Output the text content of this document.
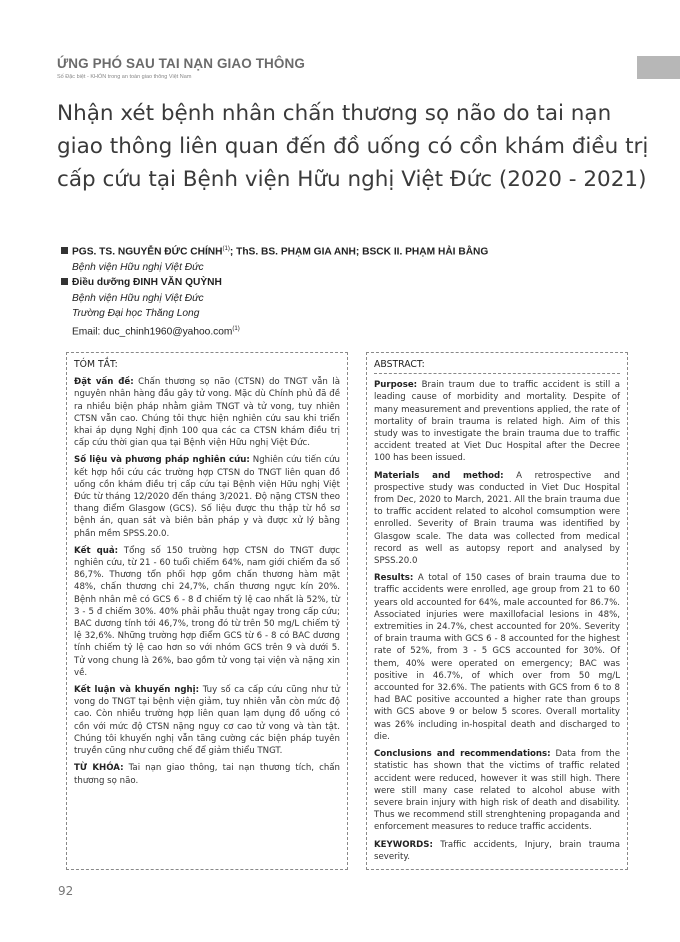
ỨNG PHÓ SAU TAI NẠN GIAO THÔNG
Số Đặc biệt - KHÓN trong an toàn giao thông Việt Nam
Nhận xét bệnh nhân chấn thương sọ não do tai nạn giao thông liên quan đến đồ uống có cồn khám điều trị cấp cứu tại Bệnh viện Hữu nghị Việt Đức (2020 - 2021)
PGS. TS. NGUYỄN ĐỨC CHÍNH$^{(1)}$; ThS. BS. PHẠM GIA ANH; BSCK II. PHẠM HẢI BẰNG
Bệnh viện Hữu nghị Việt Đức
Điều dưỡng ĐINH VĂN QUỲNH
Bệnh viện Hữu nghị Việt Đức
Trường Đại học Thăng Long
Email: duc_chinh1960@yahoo.com$^{(1)}$
TÓM TẮT:

Đặt vấn đề: Chấn thương sọ não (CTSN) do TNGT vẫn là nguyên nhân hàng đầu gây tử vong. Mặc dù Chính phủ đã đề ra nhiều biện pháp nhằm giảm TNGT và tử vong, tuy nhiên CTSN vẫn cao. Chúng tôi thực hiện nghiên cứu sau khi triển khai áp dụng Nghị định 100 qua các ca CTSN khám điều trị cấp cứu thời gian qua tại Bệnh viện Hữu nghị Việt Đức.

Số liệu và phương pháp nghiên cứu: Nghiên cứu tiến cứu kết hợp hồi cứu các trường hợp CTSN do TNGT liên quan đồ uống cồn khám điều trị cấp cứu tại Bệnh viện Hữu nghị Việt Đức từ tháng 12/2020 đến tháng 3/2021. Độ nặng CTSN theo thang điểm Glasgow (GCS). Số liệu được thu thập từ hồ sơ bệnh án, quan sát và biên bản pháp y và được xử lý bằng phần mềm SPSS.20.0.

Kết quả: Tổng số 150 trường hợp CTSN do TNGT được nghiên cứu, từ 21 - 60 tuổi chiếm 64%, nam giới chiếm đa số 86,7%. Thương tổn phối hợp gồm chấn thương hàm mặt 48%, chấn thương chi 24,7%, chấn thương ngực kín 20%. Bệnh nhân mê có GCS 6 - 8 đ chiếm tỷ lệ cao nhất là 52%, từ 3 - 5 đ chiếm 30%. 40% phải phẫu thuật ngay trong cấp cứu; BAC dương tính tới 46,7%, trong đó từ trên 50 mg/L chiếm tỷ lệ 32,6%. Những trường hợp điểm GCS từ 6 - 8 có BAC dương tính chiếm tỷ lệ cao hơn so với nhóm GCS trên 9 và dưới 5. Tử vong chung là 26%, bao gồm tử vong tại viện và nặng xin về.

Kết luận và khuyến nghị: Tuy số ca cấp cứu cũng như tử vong do TNGT tại bệnh viện giảm, tuy nhiên vẫn còn mức độ cao. Còn nhiều trường hợp liên quan lạm dụng đồ uống có cồn với mức độ CTSN nặng nguy cơ cao tử vong và tàn tật. Chúng tôi khuyến nghị vẫn tăng cường các biện pháp tuyên truyền cũng như cưỡng chế để giảm thiểu TNGT.

TỪ KHÓA: Tai nạn giao thông, tai nạn thương tích, chấn thương sọ não.

ABSTRACT:

Purpose: Brain traum due to traffic accident is still a leading cause of morbidity and mortality. Despite of many measurement and preventions applied, the rate of mortality of brain trauma is related high. Aim of this study was to investigate the brain trauma due to traffic accident treated at Viet Duc Hospital after the Decree 100 has been issued.

Materials and method: A retrospective and prospective study was conducted in Viet Duc Hospital from Dec, 2020 to March, 2021. All the brain trauma due to traffic accident related to alcohol comsumption were enrolled. Severity of Brain trauma was identified by Glasgow scale. The data was collected from medical record as well as autopsy report and analysed by SPSS.20.0

Results: A total of 150 cases of brain trauma due to traffic accidents were enrolled, age group from 21 to 60 years old accounted for 64%, male accounted for 86.7%. Associated injuries were maxillofacial lesions in 48%, extremities in 24.7%, chest accounted for 20%. Severity of brain trauma with GCS 6 - 8 accounted for the highest rate of 52%, from 3 - 5 GCS accounted for 30%. Of them, 40% were operated on emergency; BAC was positive in 46.7%, of which over from 50 mg/L accounted for 32.6%. The patients with GCS from 6 to 8 had BAC positive accounted a higher rate than groups with GCS above 9 or below 5 scores. Overall mortality was 26% including in-hospital death and discharged to die.

Conclusions and recommendations: Data from the statistic has shown that the victims of traffic related accident were reduced, however it was still high. There were still many case related to alcohol abuse with severe brain injury with high risk of death and disability. Thus we recommend still strenghtening propaganda and enforcement measures to reduce traffic accidents.

KEYWORDS: Traffic accidents, Injury, brain trauma severity.

92
